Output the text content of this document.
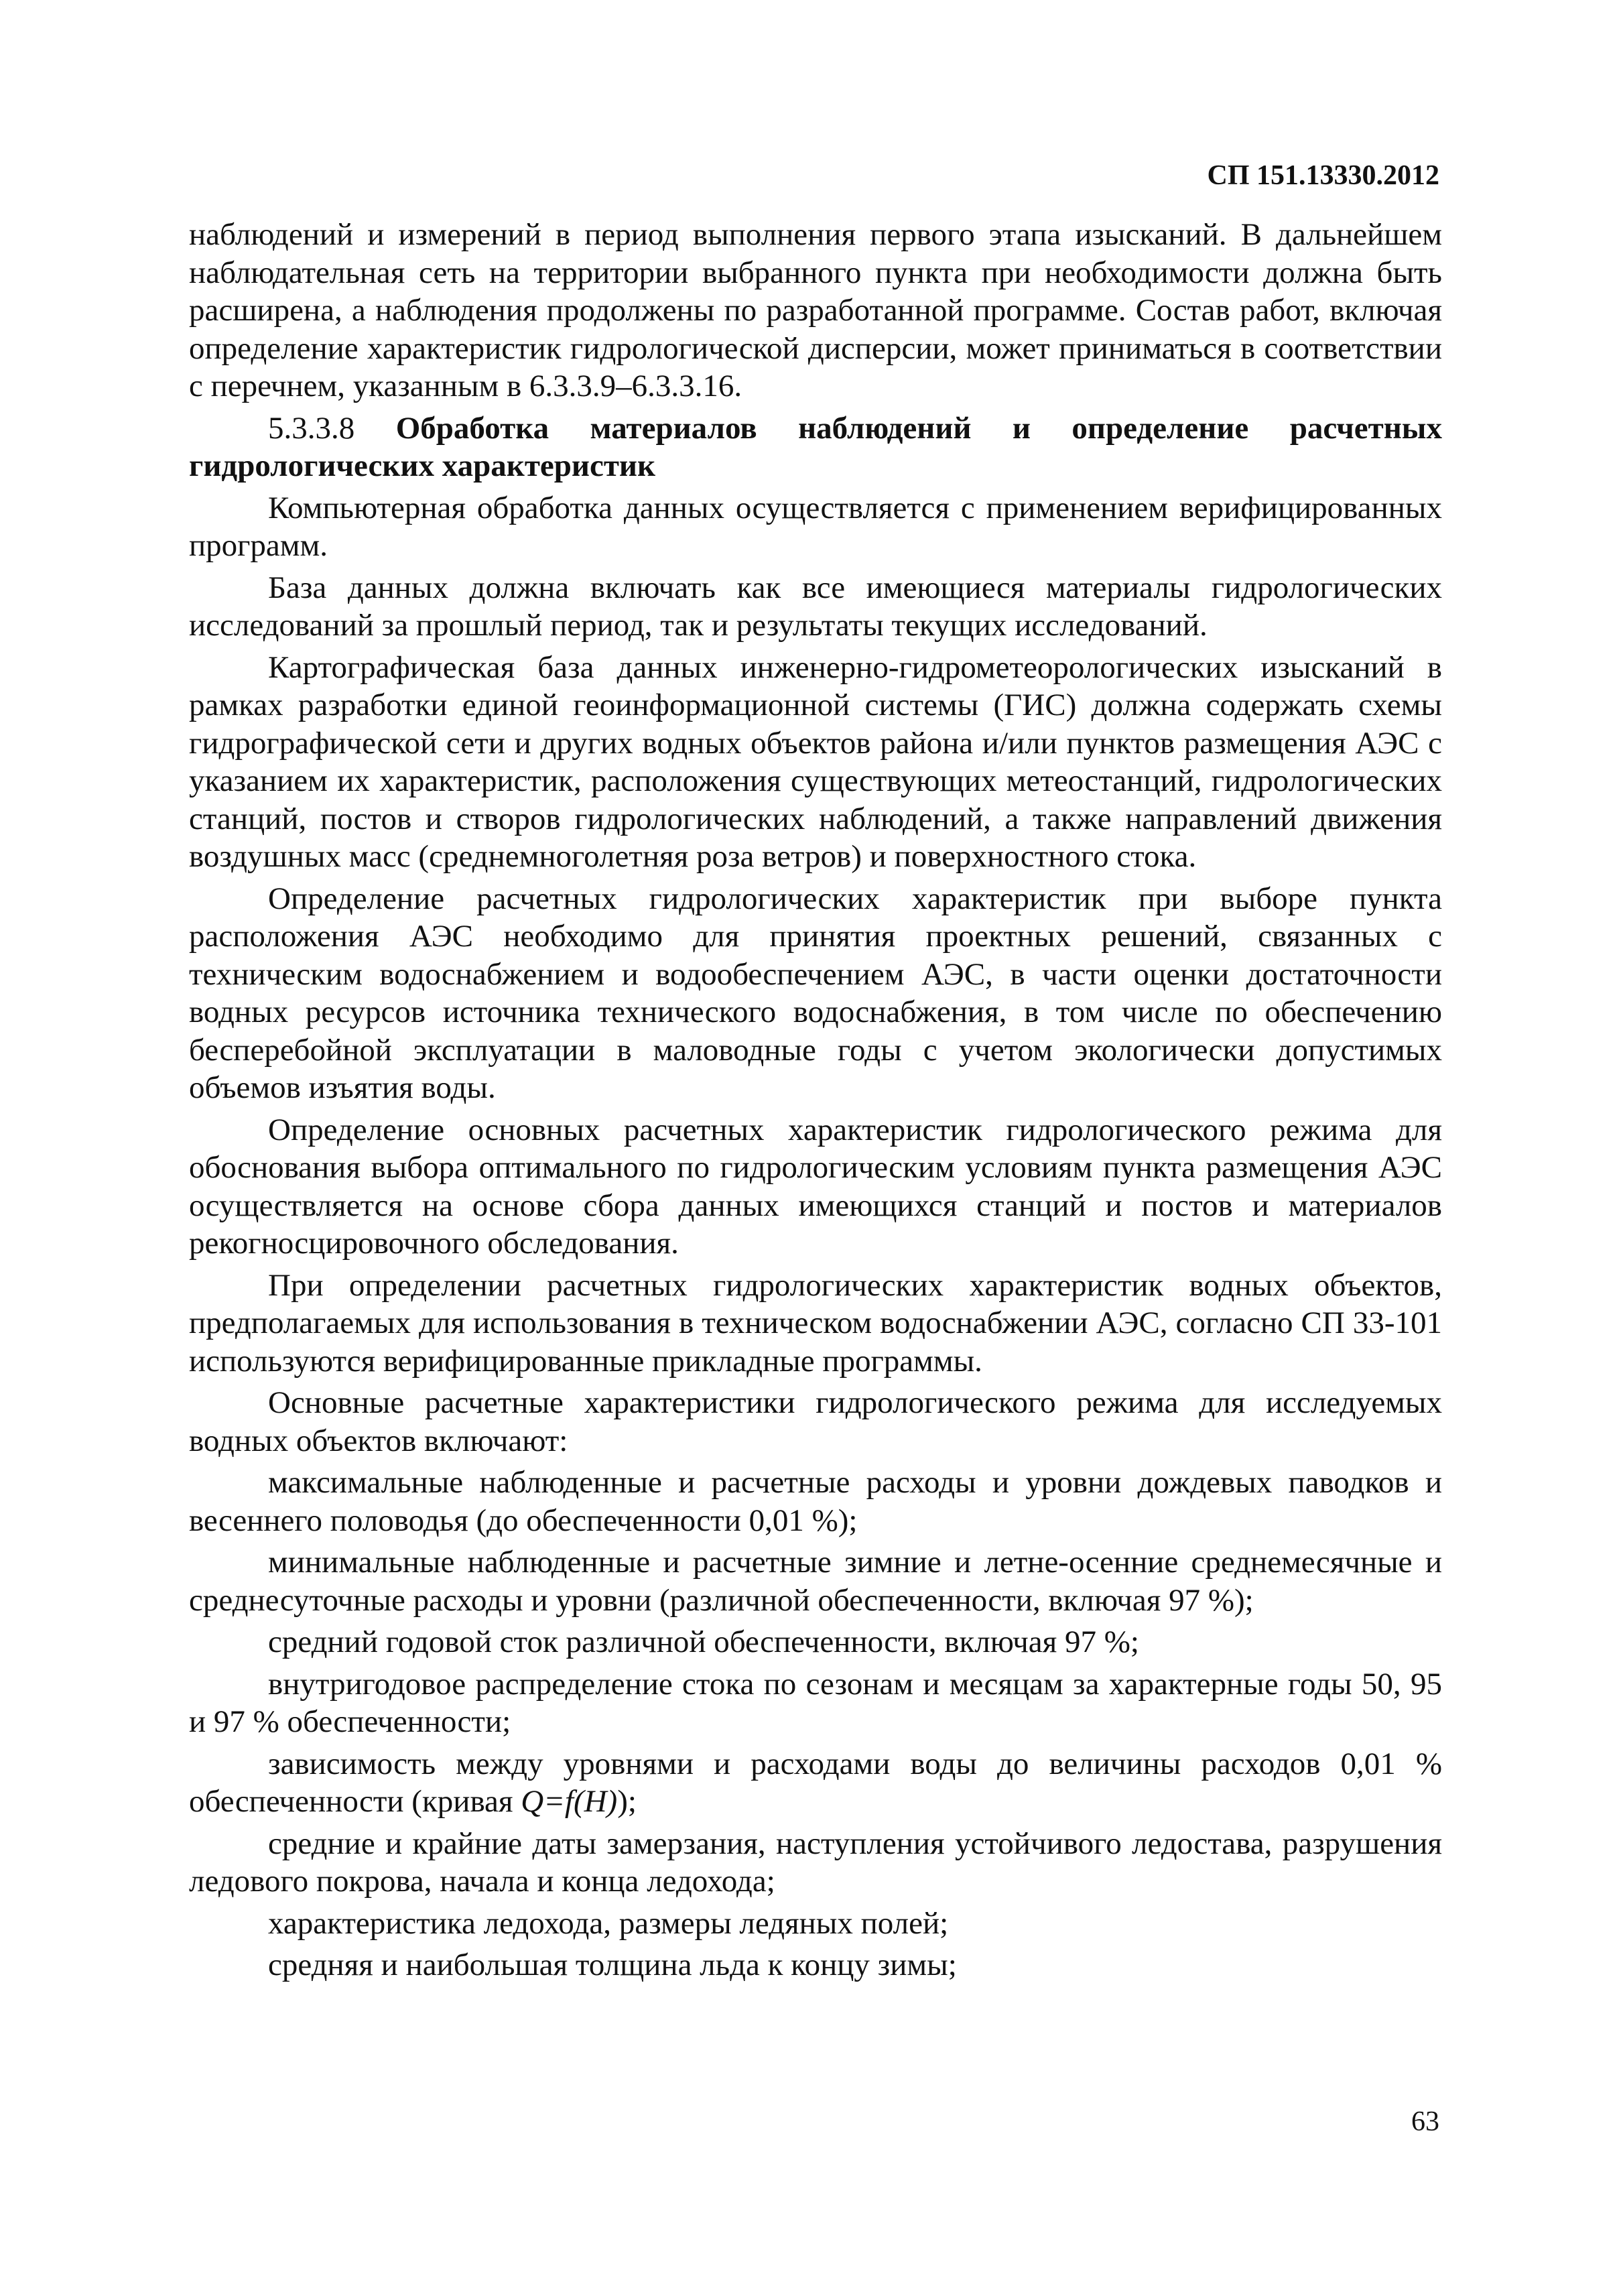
СП 151.13330.2012

наблюдений и измерений в период выполнения первого этапа изысканий. В дальнейшем наблюдательная сеть на территории выбранного пункта при необходимости должна быть расширена, а наблюдения продолжены по разработанной программе. Состав работ, включая определение характеристик гидрологической дисперсии, может приниматься в соответствии с перечнем, указанным в 6.3.3.9–6.3.3.16.

5.3.3.8 Обработка материалов наблюдений и определение расчетных гидрологических характеристик

Компьютерная обработка данных осуществляется с применением верифицированных программ.

База данных должна включать как все имеющиеся материалы гидрологических исследований за прошлый период, так и результаты текущих исследований.

Картографическая база данных инженерно-гидрометеорологических изысканий в рамках разработки единой геоинформационной системы (ГИС) должна содержать схемы гидрографической сети и других водных объектов района и/или пунктов размещения АЭС с указанием их характеристик, расположения существующих метеостанций, гидрологических станций, постов и створов гидрологических наблюдений, а также направлений движения воздушных масс (среднемноголетняя роза ветров) и поверхностного стока.

Определение расчетных гидрологических характеристик при выборе пункта расположения АЭС необходимо для принятия проектных решений, связанных с техническим водоснабжением и водообеспечением АЭС, в части оценки достаточности водных ресурсов источника технического водоснабжения, в том числе по обеспечению бесперебойной эксплуатации в маловодные годы с учетом экологически допустимых объемов изъятия воды.

Определение основных расчетных характеристик гидрологического режима для обоснования выбора оптимального по гидрологическим условиям пункта размещения АЭС осуществляется на основе сбора данных имеющихся станций и постов и материалов рекогносцировочного обследования.

При определении расчетных гидрологических характеристик водных объектов, предполагаемых для использования в техническом водоснабжении АЭС, согласно СП 33-101 используются верифицированные прикладные программы.

Основные расчетные характеристики гидрологического режима для исследуемых водных объектов включают:

максимальные наблюденные и расчетные расходы и уровни дождевых паводков и весеннего половодья (до обеспеченности 0,01 %);

минимальные наблюденные и расчетные зимние и летне-осенние среднемесячные и среднесуточные расходы и уровни (различной обеспеченности, включая 97 %);

средний годовой сток различной обеспеченности, включая 97 %;

внутригодовое распределение стока по сезонам и месяцам за характерные годы 50, 95 и 97 % обеспеченности;

зависимость между уровнями и расходами воды до величины расходов 0,01 % обеспеченности (кривая Q=f(H));

средние и крайние даты замерзания, наступления устойчивого ледостава, разрушения ледового покрова, начала и конца ледохода;

характеристика ледохода, размеры ледяных полей;

средняя и наибольшая толщина льда к концу зимы;

63
